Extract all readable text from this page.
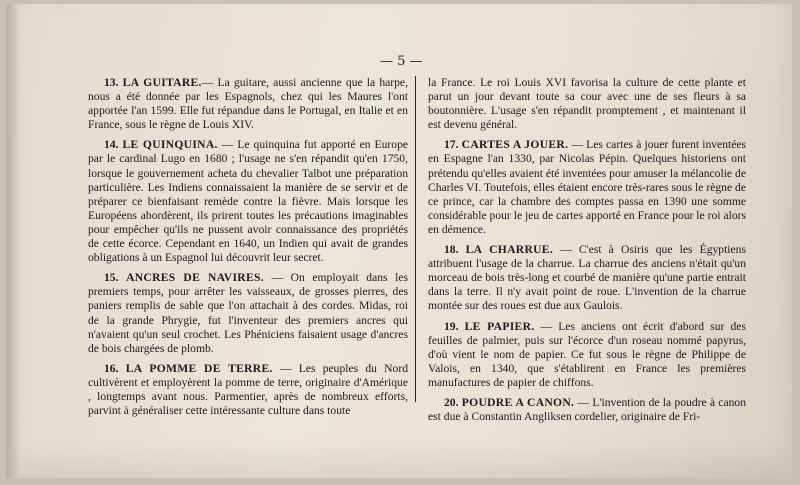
— 5 —

13. LA GUITARE.— La guitare, aussi ancienne que la harpe, nous a été donnée par les Espagnols, chez qui les Maures l'ont apportée l'an 1599. Elle fut répandue dans le Portugal, en Italie et en France, sous le règne de Louis XIV.

14. LE QUINQUINA. — Le quinquina fut apporté en Europe par le cardinal Lugo en 1680 ; l'usage ne s'en répandit qu'en 1750, lorsque le gouvernement acheta du chevalier Talbot une préparation particulière. Les Indiens connaissaient la manière de se servir et de préparer ce bienfaisant remède contre la fièvre. Mais lorsque les Européens abordèrent, ils prirent toutes les précautions imaginables pour empêcher qu'ils ne pussent avoir connaissance des propriétés de cette écorce. Cependant en 1640, un Indien qui avait de grandes obligations à un Espagnol lui découvrit leur secret.

15. ANCRES DE NAVIRES. — On employait dans les premiers temps, pour arrêter les vaisseaux, de grosses pierres, des paniers remplis de sable que l'on attachait à des cordes. Midas, roi de la grande Phrygie, fut l'inventeur des premiers ancres qui n'avaient qu'un seul crochet. Les Phéniciens faisaient usage d'ancres de bois chargées de plomb.

16. LA POMME DE TERRE. — Les peuples du Nord cultivèrent et employèrent la pomme de terre, originaire d'Amérique , longtemps avant nous. Parmentier, après de nombreux efforts, parvint à généraliser cette intéressante culture dans toute

la France. Le roi Louis XVI favorisa la culture de cette plante et parut un jour devant toute sa cour avec une de ses fleurs à sa boutonnière. L'usage s'en répandit promptement , et maintenant il est devenu général.

17. CARTES A JOUER. — Les cartes à jouer furent inventées en Espagne l'an 1330, par Nicolas Pépin. Quelques historiens ont prétendu qu'elles avaient été inventées pour amuser la mélancolie de Charles VI. Toutefois, elles étaient encore très-rares sous le règne de ce prince, car la chambre des comptes passa en 1390 une somme considérable pour le jeu de cartes apporté en France pour le roi alors en démence.

18. LA CHARRUE. — C'est à Osiris que les Égyptiens attribuent l'usage de la charrue. La charrue des anciens n'était qu'un morceau de bois très-long et courbé de manière qu'une partie entrait dans la terre. Il n'y avait point de roue. L'invention de la charrue montée sur des roues est due aux Gaulois.

19. LE PAPIER. — Les anciens ont écrit d'abord sur des feuilles de palmier, puis sur l'écorce d'un roseau nommé papyrus, d'où vient le nom de papier. Ce fut sous le règne de Philippe de Valois, en 1340, que s'établirent en France les premières manufactures de papier de chiffons.

20. POUDRE A CANON. — L'invention de la poudre à canon est due à Constantin Angliksen cordelier, originaire de Fri-
